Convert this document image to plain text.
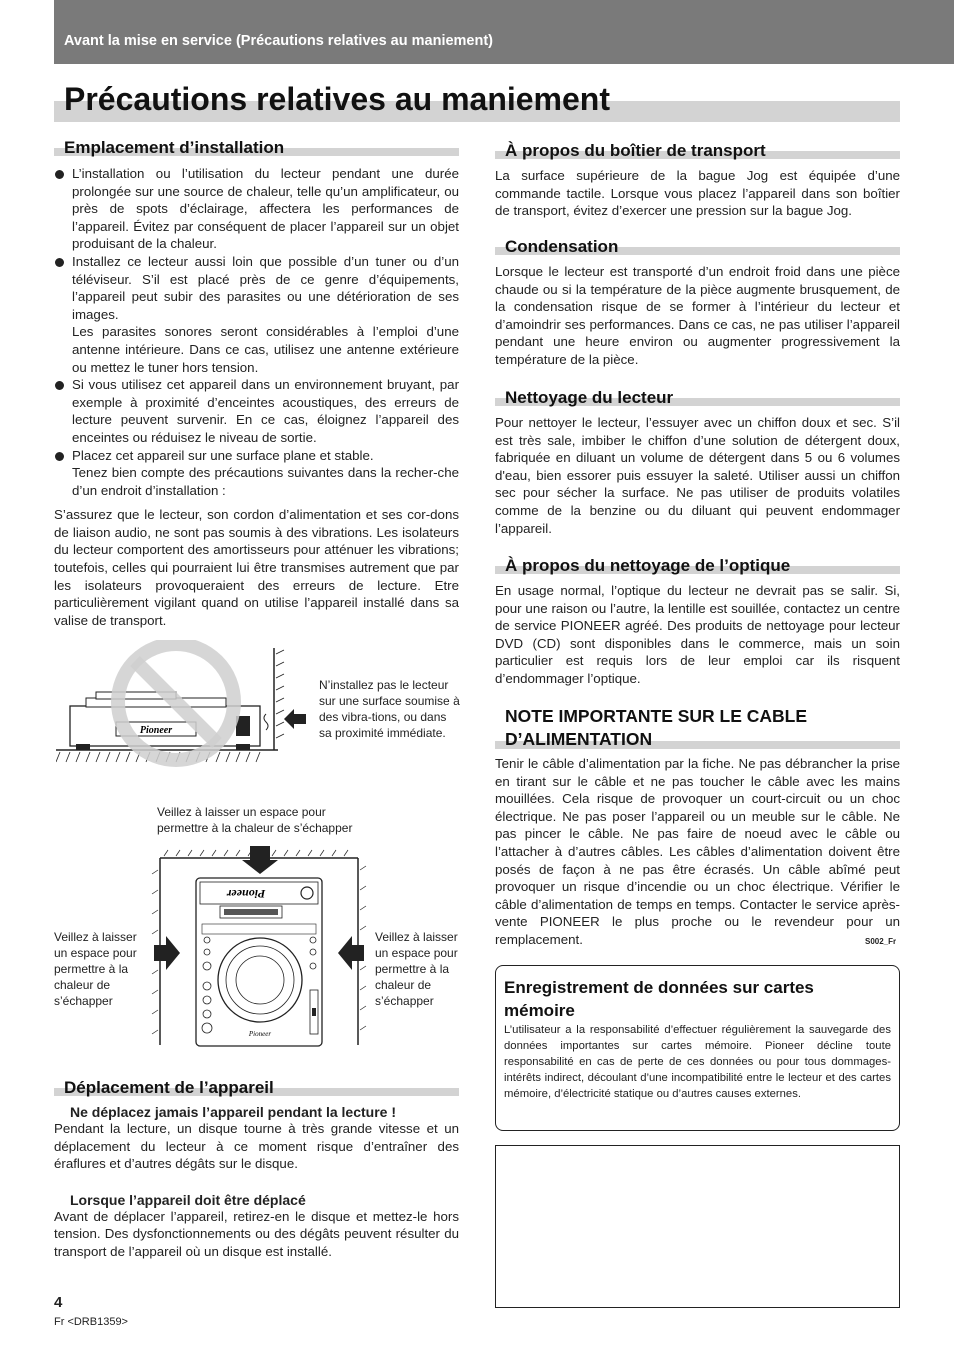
Avant la mise en service (Précautions relatives au maniement)
Précautions relatives au maniement
Emplacement d’installation
L’installation ou l’utilisation du lecteur pendant une durée prolongée sur une source de chaleur, telle qu’un amplificateur, ou près de spots d’éclairage, affectera les performances de l’appareil. Évitez par conséquent de placer l’appareil sur un objet produisant de la chaleur.
Installez ce lecteur aussi loin que possible d’un tuner ou d’un téléviseur. S’il est placé près de ce genre d’équipements, l’appareil peut subir des parasites ou une détérioration de ses images.
Les parasites sonores seront considérables à l’emploi d’une antenne intérieure. Dans ce cas, utilisez une antenne extérieure ou mettez le tuner hors tension.
Si vous utilisez cet appareil dans un environnement bruyant, par exemple à proximité d’enceintes acoustiques, des erreurs de lecture peuvent survenir. En ce cas, éloignez l’appareil des enceintes ou réduisez le niveau de sortie.
Placez cet appareil sur une surface plane et stable.
Tenez bien compte des précautions suivantes dans la recher-che d’un endroit d’installation :

S’assurez que le lecteur, son cordon d’alimentation et ses cor-dons de liaison audio, ne sont pas soumis à des vibrations. Les isolateurs du lecteur comportent des amortisseurs pour atténuer les vibrations; toutefois, celles qui pourraient lui être transmises autrement que par les isolateurs provoqueraient des erreurs de lecture. Etre particulièrement vigilant quand on utilise l’appareil installé dans sa valise de transport.

Pioneer
N’installez pas le lecteur sur une surface soumise à des vibra-tions, ou dans sa proximité immédiate.
Veillez à laisser un espace pour permettre à la chaleur de s’échapper
Veillez à laisser un espace pour permettre à la chaleur de s’échapper
Veillez à laisser un espace pour permettre à la chaleur de s’échapper
Pioneer
Pioneer
Déplacement de l’appareil

Ne déplacez jamais l’appareil pendant la lecture !

Pendant la lecture, un disque tourne à très grande vitesse et un déplacement du lecteur à ce moment risque d’entraîner des éraflures et d’autres dégâts sur le disque.

Lorsque l’appareil doit être déplacé

Avant de déplacer l’appareil, retirez-en le disque et mettez-le hors tension. Des dysfonctionnements ou des dégâts peuvent résulter du transport de l’appareil où un disque est installé.

À propos du boîtier de transport

La surface supérieure de la bague Jog est équipée d’une commande tactile. Lorsque vous placez l’appareil dans son boîtier de transport, évitez d’exercer une pression sur la bague Jog.

Condensation

Lorsque le lecteur est transporté d’un endroit froid dans une pièce chaude ou si la température de la pièce augmente brusquement, de la condensation risque de se former à l’intérieur du lecteur et d’amoindrir ses performances. Dans ce cas, ne pas utiliser l’appareil pendant une heure environ ou augmenter progressivement la température de la pièce.

Nettoyage du lecteur

Pour nettoyer le lecteur, l’essuyer avec un chiffon doux et sec. S’il est très sale, imbiber le chiffon d’une solution de détergent doux, fabriquée en diluant un volume de détergent dans 5 ou 6 volumes d'eau, bien essorer puis essuyer la saleté. Utiliser aussi un chiffon sec pour sécher la surface. Ne pas utiliser de produits volatiles comme de la benzine ou du diluant qui peuvent endommager l’appareil.

À propos du nettoyage de l’optique

En usage normal, l’optique du lecteur ne devrait pas se salir. Si, pour une raison ou l’autre, la lentille est souillée, contactez un centre de service PIONEER agréé. Des produits de nettoyage pour lecteur DVD (CD) sont disponibles dans le commerce, mais un soin particulier est requis lors de leur emploi car ils risquent d’endommager l’optique.

NOTE IMPORTANTE SUR LE CABLE
D’ALIMENTATION

Tenir le câble d’alimentation par la fiche. Ne pas débrancher la prise en tirant sur le câble et ne pas toucher le câble avec les mains mouillées. Cela risque de provoquer un court-circuit ou un choc électrique. Ne pas poser l’appareil ou un meuble sur le câble. Ne pas pincer le câble. Ne pas faire de noeud avec le câble ou l’attacher à d’autres câbles. Les câbles d’alimentation doivent être posés de façon à ne pas être écrasés. Un câble abîmé peut provoquer un risque d’incendie ou un choc électrique. Vérifier le câble d’alimentation de temps en temps. Contacter le service après-vente PIONEER le plus proche ou le revendeur pour un remplacement.	S002_Fr
Enregistrement de données sur cartes mémoire

L’utilisateur a la responsabilité d’effectuer régulièrement la sauvegarde des données importantes sur cartes mémoire. Pioneer décline toute responsabilité en cas de perte de ces données ou pour tous dommages-intérêts indirect, découlant d’une incompatibilité entre le lecteur et des cartes mémoire, d’électricité statique ou d’autres causes externes.

4
Fr <DRB1359>
